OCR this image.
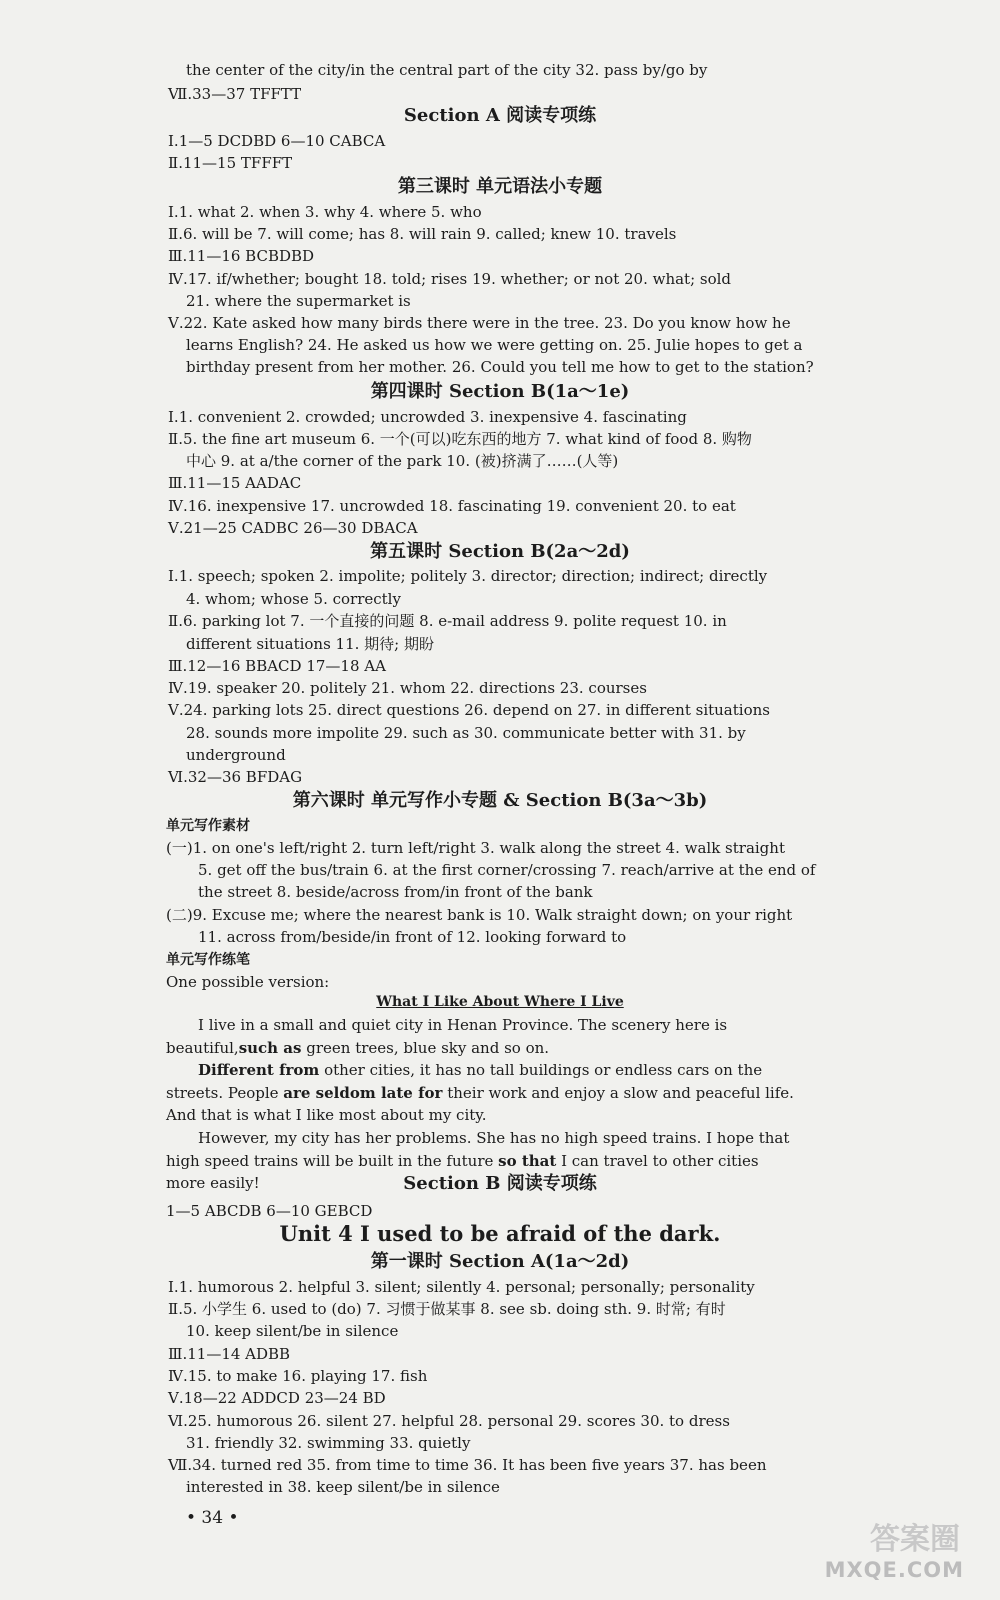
the center of the city/in the central part of the city 32. pass by/go by
Ⅶ.33—37 TFFTT
Ⅰ.1—5 DCDBD 6—10 CABCA
Ⅱ.11—15 TFFFT
Ⅰ.1. what 2. when 3. why 4. where 5. who
Ⅱ.6. will be 7. will come; has 8. will rain 9. called; knew 10. travels
Ⅲ.11—16 BCBDBD
Ⅳ.17. if/whether; bought 18. told; rises 19. whether; or not 20. what; sold
21. where the supermarket is
Ⅴ.22. Kate asked how many birds there were in the tree. 23. Do you know how he
learns English? 24. He asked us how we were getting on. 25. Julie hopes to get a
birthday present from her mother. 26. Could you tell me how to get to the station?
Ⅰ.1. convenient 2. crowded; uncrowded 3. inexpensive 4. fascinating
Ⅱ.5. the fine art museum 6. 一个(可以)吃东西的地方 7. what kind of food 8. 购物
中心 9. at a/the corner of the park 10. (被)挤满了……(人等)
Ⅲ.11—15 AADAC
Ⅳ.16. inexpensive 17. uncrowded 18. fascinating 19. convenient 20. to eat
Ⅴ.21—25 CADBC 26—30 DBACA
Ⅰ.1. speech; spoken 2. impolite; politely 3. director; direction; indirect; directly
4. whom; whose 5. correctly
Ⅱ.6. parking lot 7. 一个直接的问题 8. e-mail address 9. polite request 10. in
different situations 11. 期待; 期盼
Ⅲ.12—16 BBACD 17—18 AA
Ⅳ.19. speaker 20. politely 21. whom 22. directions 23. courses
Ⅴ.24. parking lots 25. direct questions 26. depend on 27. in different situations
28. sounds more impolite 29. such as 30. communicate better with 31. by
underground
Ⅵ.32—36 BFDAG
(一)1. on one's left/right 2. turn left/right 3. walk along the street 4. walk straight
5. get off the bus/train 6. at the first corner/crossing 7. reach/arrive at the end of
the street 8. beside/across from/in front of the bank
(二)9. Excuse me; where the nearest bank is 10. Walk straight down; on your right
11. across from/beside/in front of 12. looking forward to
One possible version:
1—5 ABCDB 6—10 GEBCD
Ⅰ.1. humorous 2. helpful 3. silent; silently 4. personal; personally; personality
Ⅱ.5. 小学生 6. used to (do) 7. 习惯于做某事 8. see sb. doing sth. 9. 时常; 有时
10. keep silent/be in silence
Ⅲ.11—14 ADBB
Ⅳ.15. to make 16. playing 17. fish
Ⅴ.18—22 ADDCD 23—24 BD
Ⅵ.25. humorous 26. silent 27. helpful 28. personal 29. scores 30. to dress
31. friendly 32. swimming 33. quietly
Ⅶ.34. turned red 35. from time to time 36. It has been five years 37. has been
interested in 38. keep silent/be in silence
Section A 阅读专项练
第三课时 单元语法小专题
第四课时 Section B(1a～1e)
第五课时 Section B(2a～2d)
第六课时 单元写作小专题 & Section B(3a～3b)
Section B 阅读专项练
Unit 4 I used to be afraid of the dark.
第一课时 Section A(1a～2d)
单元写作素材
单元写作练笔
What I Like About Where I Live
I live in a small and quiet city in Henan Province. The scenery here is beautiful,such as green trees, blue sky and so on.
Different from other cities, it has no tall buildings or endless cars on the streets. People are seldom late for their work and enjoy a slow and peaceful life. And that is what I like most about my city.
However, my city has her problems. She has no high speed trains. I hope that high speed trains will be built in the future so that I can travel to other cities more easily!
• 34 •
答案圈
MXQE.COM
